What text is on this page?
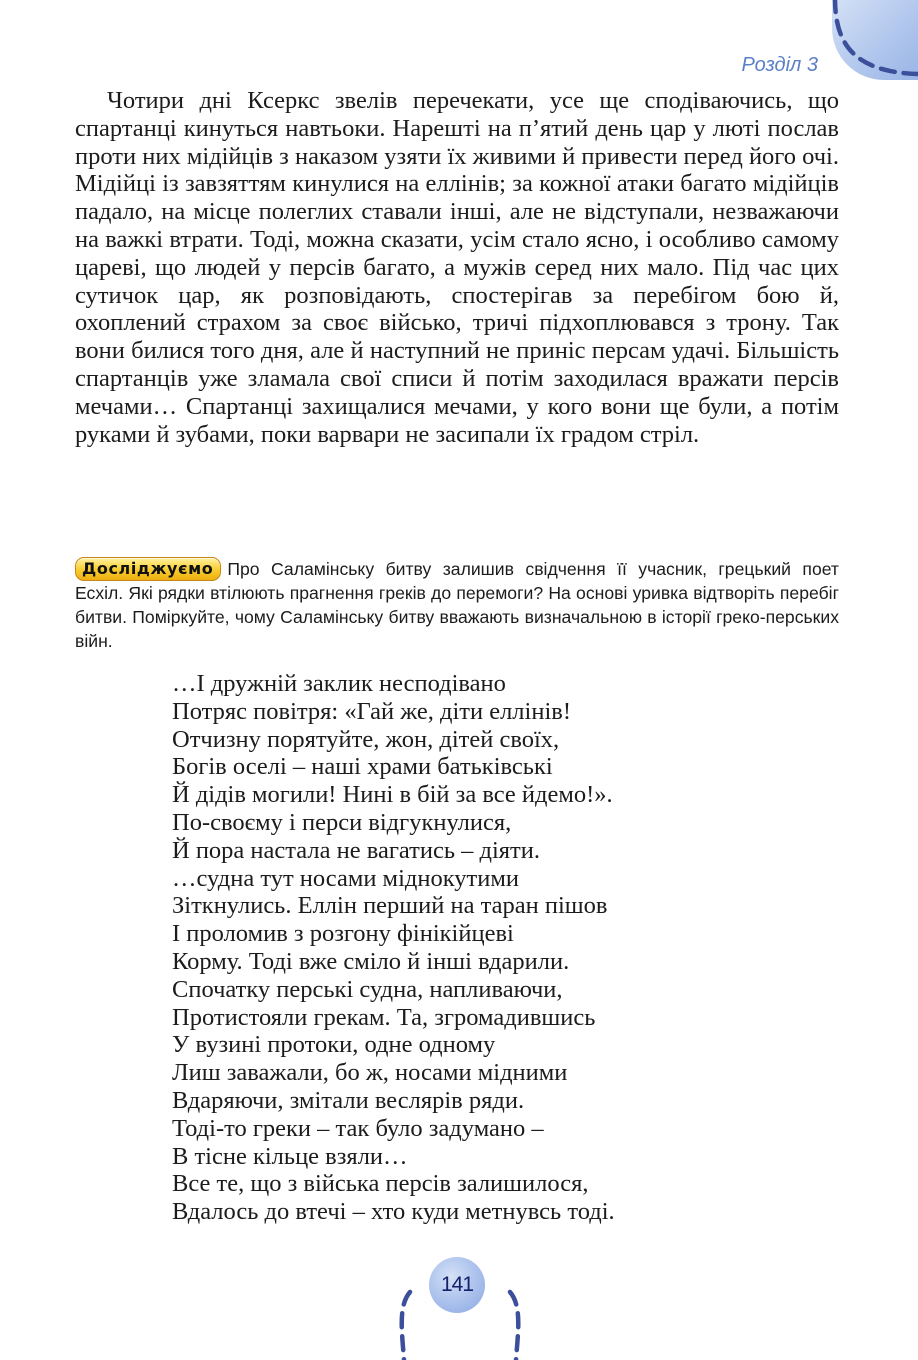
Розділ 3

Чотири дні Ксеркс звелів перечекати, усе ще сподіваючись, що спартанці кинуться навтьоки. Нарешті на п’ятий день цар у люті послав проти них мідійців з наказом узяти їх живими й привести перед його очі. Мідійці із завзяттям кинулися на еллінів; за кожної атаки багато мідійців падало, на місце полеглих ставали інші, але не відступали, незважаючи на важкі втрати. Тоді, можна сказати, усім стало ясно, і особливо самому цареві, що людей у персів багато, а мужів серед них мало. Під час цих сутичок цар, як розповідають, спостерігав за перебігом бою й, охоплений страхом за своє військо, тричі підхоплювався з трону. Так вони билися того дня, але й наступний не приніс персам удачі. Більшість спартанців уже зламала свої списи й потім заходилася вражати персів мечами… Спартанці захищалися мечами, у кого вони ще були, а потім руками й зубами, поки варвари не засипали їх градом стріл.

Досліджуємо Про Саламінську битву залишив свідчення її учасник, грецький поет Есхіл. Які рядки втілюють прагнення греків до перемоги? На основі уривка відтворіть перебіг битви. Поміркуйте, чому Саламінську битву вважають визначальною в історії греко-перських війн.

…І дружній заклик несподівано
Потряс повітря: «Гай же, діти еллінів!
Отчизну порятуйте, жон, дітей своїх,
Богів оселі – наші храми батьківські
Й дідів могили! Нині в бій за все йдемо!».
По-своєму і перси відгукнулися,
Й пора настала не вагатись – діяти.
…судна тут носами міднокутими
Зіткнулись. Еллін перший на таран пішов
І проломив з розгону фінікійцеві
Корму. Тоді вже сміло й інші вдарили.
Спочатку перські судна, напливаючи,
Протистояли грекам. Та, згромадившись
У вузині протоки, одне одному
Лиш заважали, бо ж, носами мідними
Вдаряючи, змітали веслярів ряди.
Тоді-то греки – так було задумано –
В тісне кільце взяли…
Все те, що з війська персів залишилося,
Вдалось до втечі – хто куди метнувсь тоді.
141
